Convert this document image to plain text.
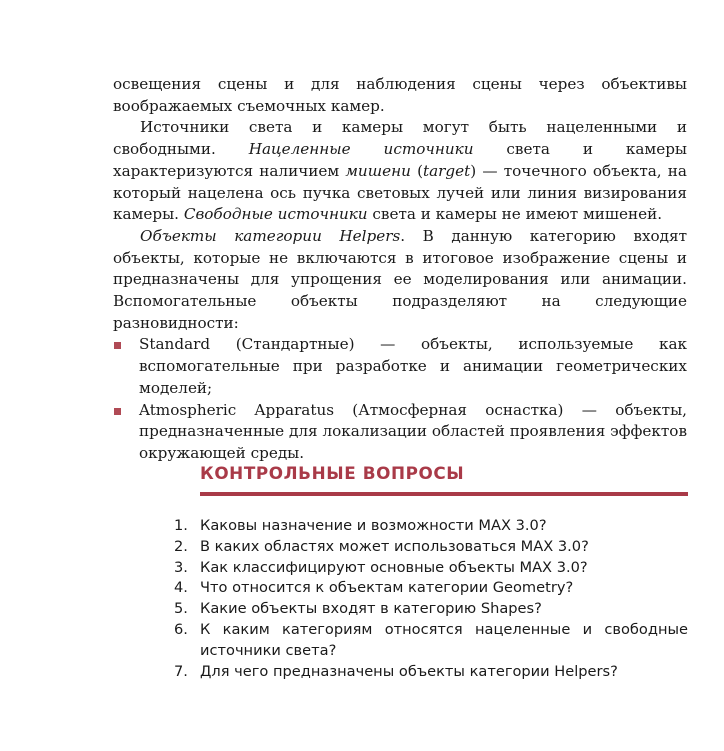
освещения сцены и для наблюдения сцены через объективы воображаемых съемочных камер.

Источники света и камеры могут быть нацеленными и свободными. Нацеленные источники света и камеры характеризуются наличием мишени (target) — точечного объекта, на который нацелена ось пучка световых лучей или линия визирования камеры. Свободные источники света и камеры не имеют мишеней.

Объекты категории Helpers. В данную категорию входят объекты, которые не включаются в итоговое изображение сцены и предназначены для упрощения ее моделирования или анимации. Вспомогательные объекты подразделяют на следующие разновидности:

Standard (Стандартные) — объекты, используемые как вспомогательные при разработке и анимации геометрических моделей;
Atmospheric Apparatus (Атмосферная оснастка) — объекты, предназначенные для локализации областей проявления эффектов окружающей среды.
КОНТРОЛЬНЫЕ ВОПРОСЫ
1. Каковы назначение и возможности MAX 3.0?
2. В каких областях может использоваться MAX 3.0?
3. Как классифицируют основные объекты MAX 3.0?
4. Что относится к объектам категории Geometry?
5. Какие объекты входят в категорию Shapes?
6. К каким категориям относятся нацеленные и свободные источники света?
7. Для чего предназначены объекты категории Helpers?
